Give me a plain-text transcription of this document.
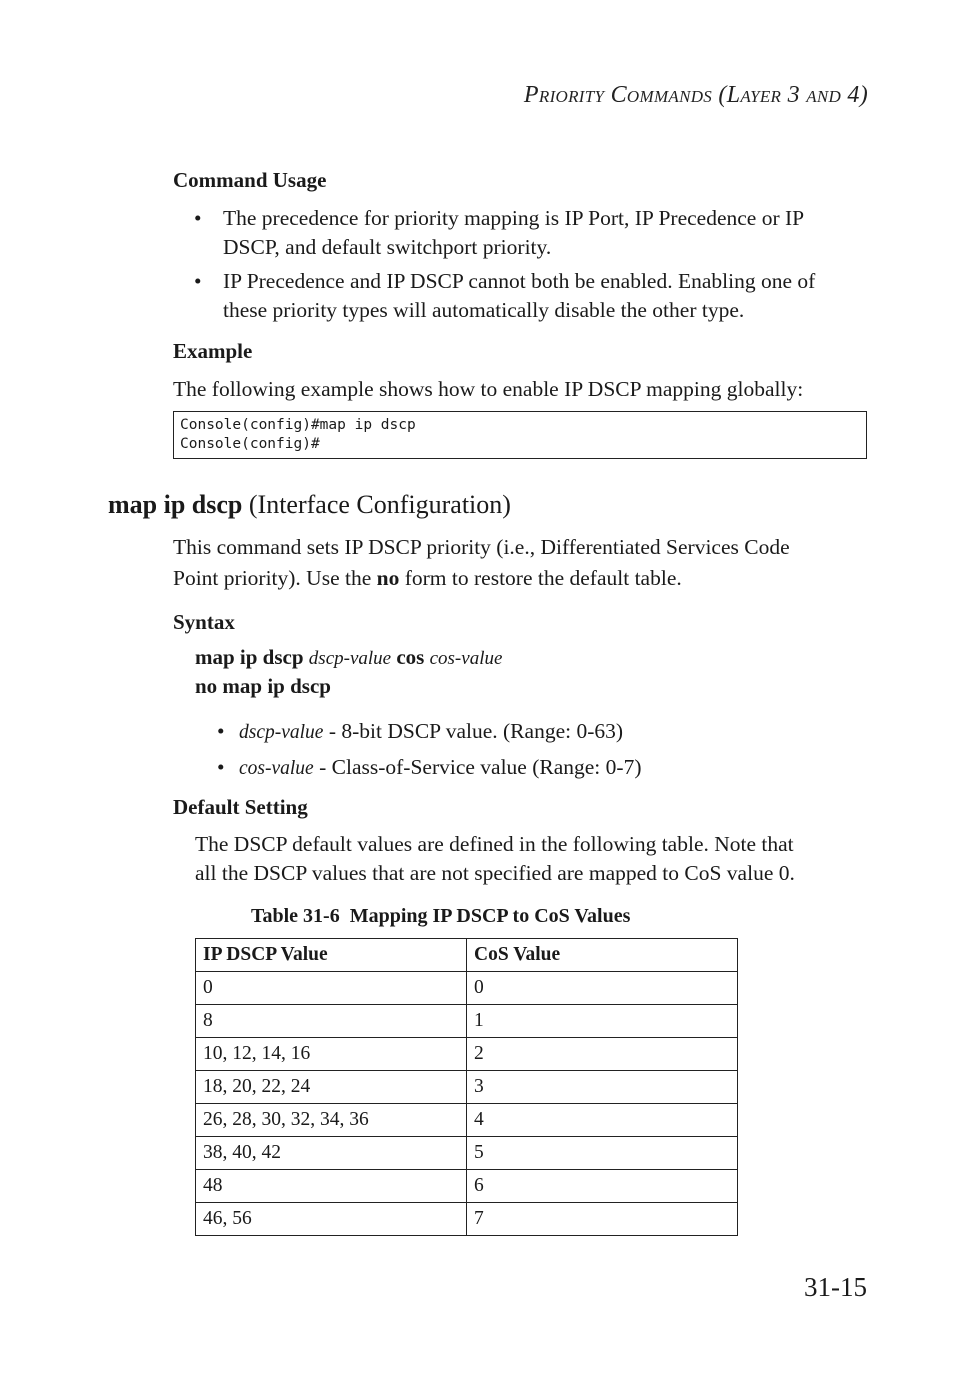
PRIORITY COMMANDS (LAYER 3 AND 4)
Command Usage
• The precedence for priority mapping is IP Port, IP Precedence or IP
DSCP, and default switchport priority.
• IP Precedence and IP DSCP cannot both be enabled. Enabling one of
these priority types will automatically disable the other type.
Example
The following example shows how to enable IP DSCP mapping globally:
Console(config)#map ip dscp
Console(config)#
map ip dscp (Interface Configuration)
This command sets IP DSCP priority (i.e., Differentiated Services Code
Point priority). Use the no form to restore the default table.
Syntax
map ip dscp dscp-value cos cos-value
no map ip dscp
• dscp-value - 8-bit DSCP value. (Range: 0-63)
• cos-value - Class-of-Service value (Range: 0-7)
Default Setting
The DSCP default values are defined in the following table. Note that
all the DSCP values that are not specified are mapped to CoS value 0.
Table 31-6  Mapping IP DSCP to CoS Values
IP DSCP Value	CoS Value
0	0
8	1
10, 12, 14, 16	2
18, 20, 22, 24	3
26, 28, 30, 32, 34, 36	4
38, 40, 42	5
48	6
46, 56	7
31-15
